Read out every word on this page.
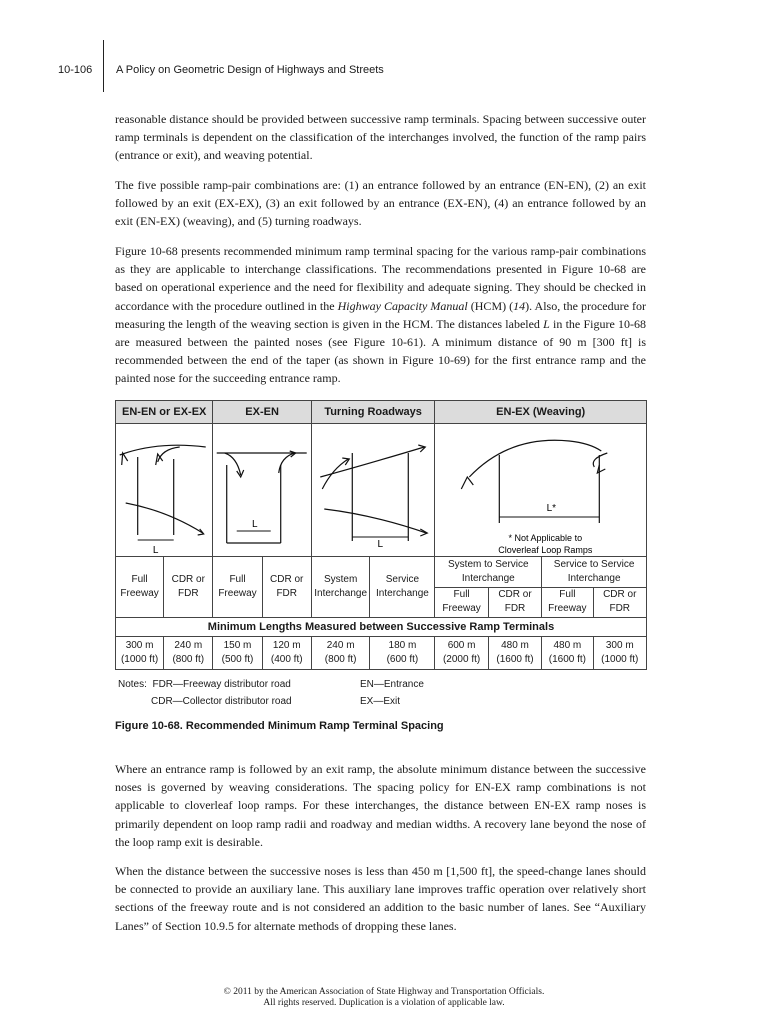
10-106 A Policy on Geometric Design of Highways and Streets

reasonable distance should be provided between successive ramp terminals. Spacing between successive outer ramp terminals is dependent on the classification of the interchanges involved, the function of the ramp pairs (entrance or exit), and weaving potential.

The five possible ramp-pair combinations are: (1) an entrance followed by an entrance (EN-EN), (2) an exit followed by an exit (EX-EX), (3) an exit followed by an entrance (EX-EN), (4) an entrance followed by an exit (EN-EX) (weaving), and (5) turning roadways.

Figure 10-68 presents recommended minimum ramp terminal spacing for the various ramp-pair combinations as they are applicable to interchange classifications. The recommendations presented in Figure 10-68 are based on operational experience and the need for flexibility and adequate signing. They should be checked in accordance with the procedure outlined in the Highway Capacity Manual (HCM) (14). Also, the procedure for measuring the length of the weaving section is given in the HCM. The distances labeled L in the Figure 10-68 are measured between the painted noses (see Figure 10-61). A minimum distance of 90 m [300 ft] is recommended between the end of the taper (as shown in Figure 10-69) for the first entrance ramp and the painted nose for the succeeding entrance ramp.

EN-EN or EX-EX		EX-EN		Turning Roadways		EN-EX (Weaving)			

L		L		L		L*
* Not Applicable to
Cloverleaf Loop Ramps			

Full Freeway	CDR or FDR	Full Freeway	CDR or FDR	System Interchange	Service Interchange	System to Service Interchange		Service to Service Interchange	
						Full Freeway	CDR or FDR	Full Freeway	CDR or FDR
Minimum Lengths Measured between Successive Ramp Terminals									
300 m
(1000 ft)	240 m
(800 ft)	150 m
(500 ft)	120 m
(400 ft)	240 m
(800 ft)	180 m
(600 ft)	600 m
(2000 ft)	480 m
(1600 ft)	480 m
(1600 ft)	300 m
(1000 ft)
Notes: FDR—Freeway distributor road	EN—Entrance
CDR—Collector distributor road	EX—Exit
Figure 10-68. Recommended Minimum Ramp Terminal Spacing

Where an entrance ramp is followed by an exit ramp, the absolute minimum distance between the successive noses is governed by weaving considerations. The spacing policy for EN-EX ramp combinations is not applicable to cloverleaf loop ramps. For these interchanges, the distance between EN-EX ramp noses is primarily dependent on loop ramp radii and roadway and median widths. A recovery lane beyond the nose of the loop ramp exit is desirable.

When the distance between the successive noses is less than 450 m [1,500 ft], the speed-change lanes should be connected to provide an auxiliary lane. This auxiliary lane improves traffic operation over relatively short sections of the freeway route and is not considered an addition to the basic number of lanes. See “Auxiliary Lanes” of Section 10.9.5 for alternate methods of dropping these lanes.

© 2011 by the American Association of State Highway and Transportation Officials.
All rights reserved. Duplication is a violation of applicable law.
